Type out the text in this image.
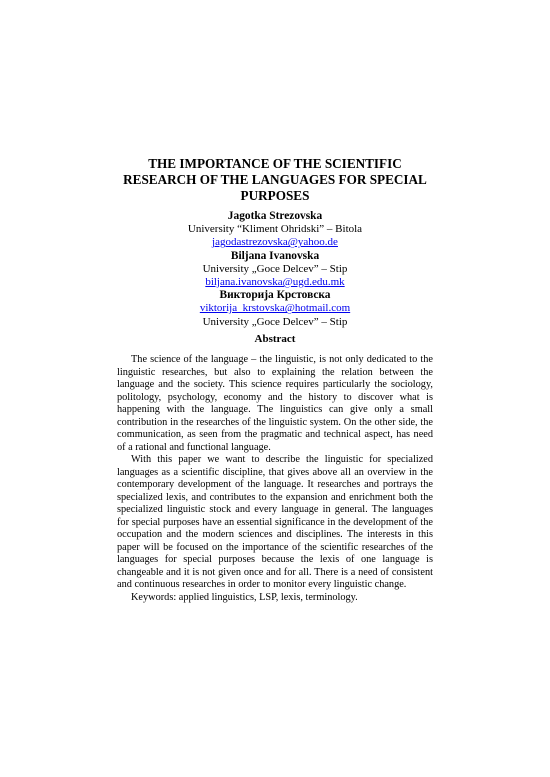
THE IMPORTANCE OF THE SCIENTIFIC
RESEARCH OF THE LANGUAGES FOR SPECIAL
PURPOSES
Jagotka Strezovska
University “Kliment Ohridski” – Bitola
jagodastrezovska@yahoo.de
Biljana Ivanovska
University „Goce Delcev” – Stip
biljana.ivanovska@ugd.edu.mk
Викторија Крстовска
viktorija_krstovska@hotmail.com
University „Goce Delcev” – Stip
Abstract

The science of the language – the linguistic, is not only dedicated to the linguistic researches, but also to explaining the relation between the language and the society. This science requires particularly the sociology, politology, psychology, economy and the history to discover what is happening with the language. The linguistics can give only a small contribution in the researches of the linguistic system. On the other side, the communication, as seen from the pragmatic and technical aspect, has need of a rational and functional language.

With this paper we want to describe the linguistic for specialized languages as a scientific discipline, that gives above all an overview in the contemporary development of the language. It researches and portrays the specialized lexis, and contributes to the expansion and enrichment both the specialized linguistic stock and every language in general. The languages for special purposes have an essential significance in the development of the occupation and the modern sciences and disciplines. The interests in this paper will be focused on the importance of the scientific researches of the languages for special purposes because the lexis of one language is changeable and it is not given once and for all. There is a need of consistent and continuous researches in order to monitor every linguistic change.

Keywords: applied linguistics, LSP, lexis, terminology.
